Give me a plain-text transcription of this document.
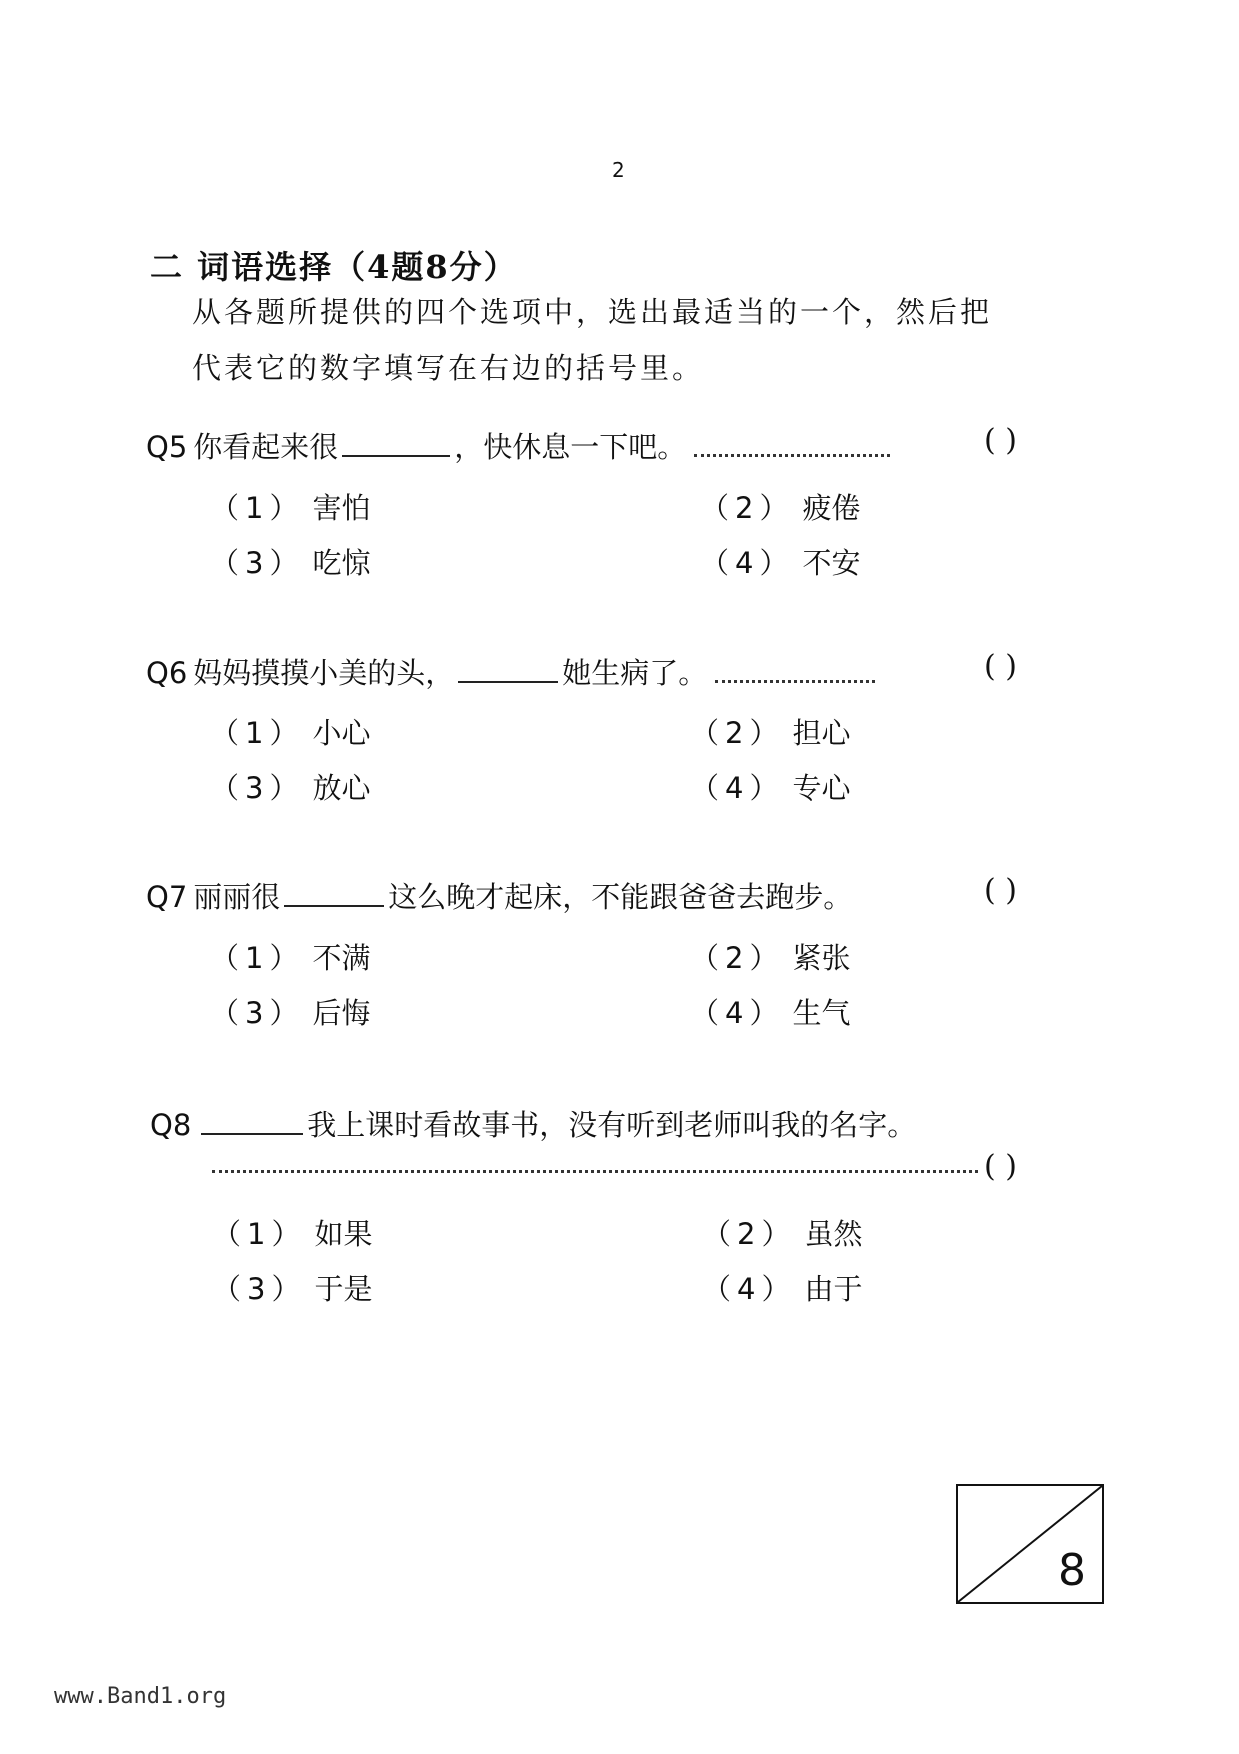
2
二 词语选择（4题8分）
从各题所提供的四个选项中，选出最适当的一个，然后把
代表它的数字填写在右边的括号里。
Q5 你看起来很	，快休息一下吧。	( )
（1） 害怕	（2） 疲倦
（3） 吃惊	（4） 不安
Q6 妈妈摸摸小美的头，	她生病了。	( )
（1） 小心	（2） 担心
（3） 放心	（4） 专心
Q7 丽丽很	这么晚才起床，不能跟爸爸去跑步。	( )
（1） 不满	（2） 紧张
（3） 后悔	（4） 生气
Q8	我上课时看故事书，没有听到老师叫我的名字。
( )
（1） 如果	（2） 虽然
（3） 于是	（4） 由于
8
www.Band1.org
